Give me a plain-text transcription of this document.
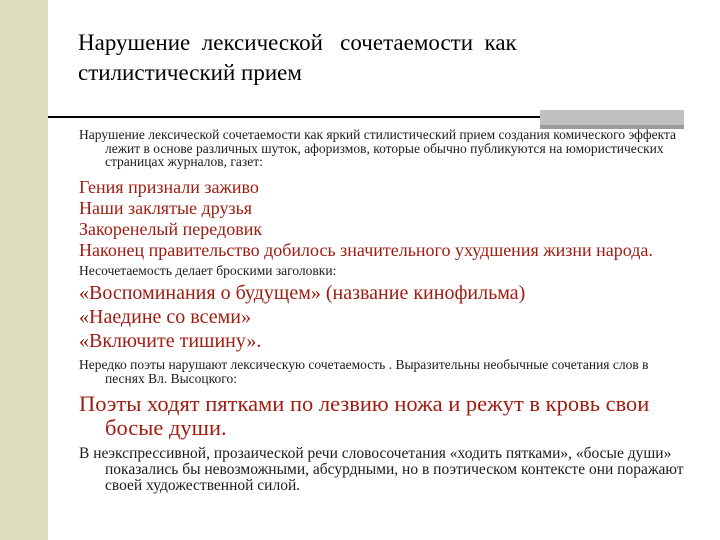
Нарушение  лексической   сочетаемости  как
стилистический прием

Нарушение лексической сочетаемости как яркий стилистический прием создания комического эффекта лежит в основе различных шуток, афоризмов, которые обычно публикуются на юмористических страницах журналов, газет:

Гения признали заживо

Наши заклятые друзья

Закоренелый передовик

Наконец правительство добилось значительного ухудшения жизни народа.

Несочетаемость делает броскими заголовки:

«Воспоминания о будущем» (название кинофильма)

«Наедине со всеми»

«Включите тишину».

Нередко поэты нарушают лексическую сочетаемость . Выразительны необычные сочетания слов в песнях Вл. Высоцкого:

Поэты ходят пятками по лезвию ножа и режут в кровь свои босые души.

В неэкспрессивной, прозаической речи словосочетания «ходить пятками», «босые души» показались бы невозможными, абсурдными, но в поэтическом контексте они поражают своей художественной силой.
